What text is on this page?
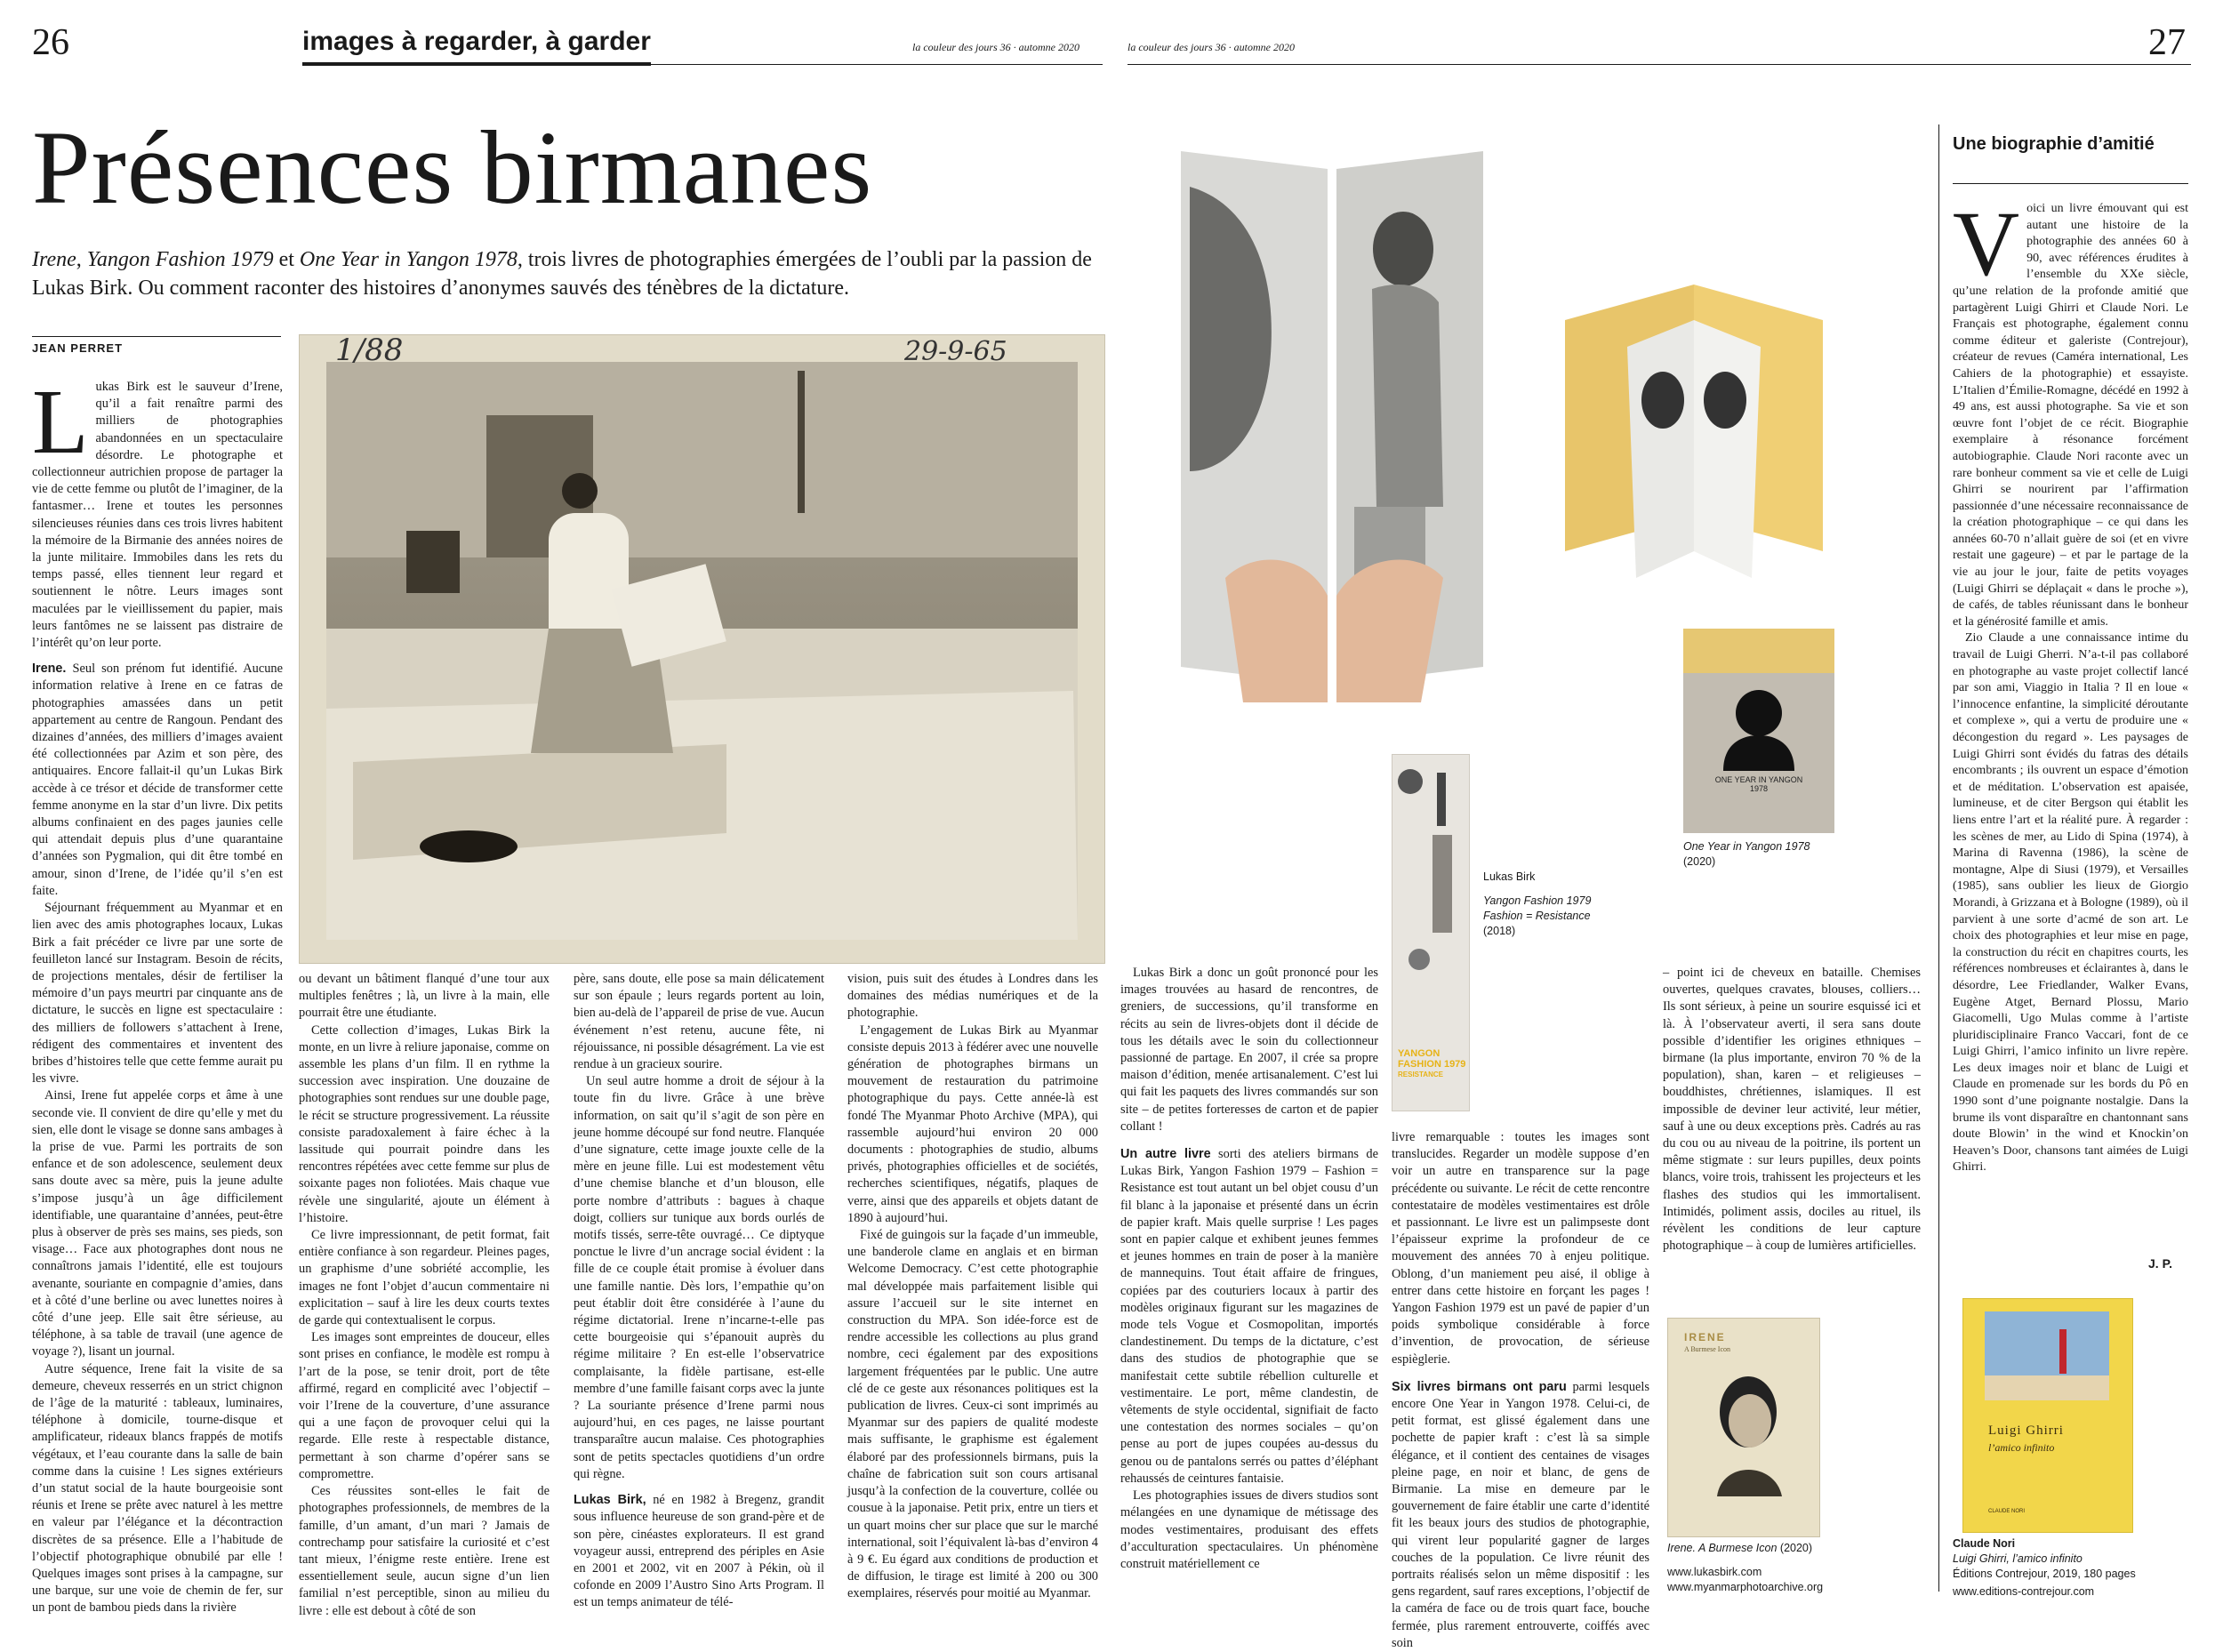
26	images à regarder, à garder	la couleur des jours 36 · automne 2020	la couleur des jours 36 · automne 2020	27
Présences birmanes
Irene, Yangon Fashion 1979 et One Year in Yangon 1978, trois livres de photographies émergées de l’oubli par la passion de Lukas Birk. Ou comment raconter des histoires d’anonymes sauvés des ténèbres de la dictature.
JEAN PERRET

Lukas Birk est le sauveur d’Irene, qu’il a fait renaître parmi des milliers de photographies abandonnées en un spectaculaire désordre. Le photographe et collectionneur autrichien propose de partager la vie de cette femme ou plutôt de l’imaginer, de la fantasmer… Irene et toutes les personnes silencieuses réunies dans ces trois livres habitent la mémoire de la Birmanie des années noires de la junte militaire. Immobiles dans les rets du temps passé, elles tiennent leur regard et soutiennent le nôtre. Leurs images sont maculées par le vieillissement du papier, mais leurs fantômes ne se laissent pas distraire de l’intérêt qu’on leur porte.

Irene. Seul son prénom fut identifié. Aucune information relative à Irene en ce fatras de photographies amassées dans un petit appartement au centre de Rangoun. Pendant des dizaines d’années, des milliers d’images avaient été collectionnées par Azim et son père, des antiquaires. Encore fallait-il qu’un Lukas Birk accède à ce trésor et décide de transformer cette femme anonyme en la star d’un livre. Dix petits albums confinaient en des pages jaunies celle qui attendait depuis plus d’une quarantaine d’années son Pygmalion, qui dit être tombé en amour, sinon d’Irene, de l’idée qu’il s’en est faite.

Séjournant fréquemment au Myanmar et en lien avec des amis photographes locaux, Lukas Birk a fait précéder ce livre par une sorte de feuilleton lancé sur Instagram. Besoin de récits, de projections mentales, désir de fertiliser la mémoire d’un pays meurtri par cinquante ans de dictature, le succès en ligne est spectaculaire : des milliers de followers s’attachent à Irene, rédigent des commentaires et inventent des bribes d’histoires telle que cette femme aurait pu les vivre.

Ainsi, Irene fut appelée corps et âme à une seconde vie. Il convient de dire qu’elle y met du sien, elle dont le visage se donne sans ambages à la prise de vue. Parmi les portraits de son enfance et de son adolescence, seulement deux sans doute avec sa mère, puis la jeune adulte s’impose jusqu’à un âge difficilement identifiable, une quarantaine d’années, peut-être plus à observer de près ses mains, ses pieds, son visage… Face aux photographes dont nous ne connaîtrons jamais l’identité, elle est toujours avenante, souriante en compagnie d’amies, dans et à côté d’une berline ou avec lunettes noires à côté d’une jeep. Elle sait être sérieuse, au téléphone, à sa table de travail (une agence de voyage ?), lisant un journal.

Autre séquence, Irene fait la visite de sa demeure, cheveux resserrés en un strict chignon de l’âge de la maturité : tableaux, luminaires, téléphone à domicile, tourne-disque et amplificateur, rideaux blancs frappés de motifs végétaux, et l’eau courante dans la salle de bain comme dans la cuisine ! Les signes extérieurs d’un statut social de la haute bourgeoisie sont réunis et Irene se prête avec naturel à les mettre en valeur par l’élégance et la décontraction discrètes de sa présence. Elle a l’habitude de l’objectif photographique obnubilé par elle ! Quelques images sont prises à la campagne, sur une barque, sur une voie de chemin de fer, sur un pont de bambou pieds dans la rivière

1/88	29-9-65

ou devant un bâtiment flanqué d’une tour aux multiples fenêtres ; là, un livre à la main, elle pourrait être une étudiante.

Cette collection d’images, Lukas Birk la monte, en un livre à reliure japonaise, comme on assemble les plans d’un film. Il en rythme la succession avec inspiration. Une douzaine de photographies sont rendues sur une double page, le récit se structure progressivement. La réussite consiste paradoxalement à faire échec à la lassitude qui pourrait poindre dans les rencontres répétées avec cette femme sur plus de soixante pages non foliotées. Mais chaque vue révèle une singularité, ajoute un élément à l’histoire.

Ce livre impressionnant, de petit format, fait entière confiance à son regardeur. Pleines pages, un graphisme d’une sobriété accomplie, les images ne font l’objet d’aucun commentaire ni explicitation – sauf à lire les deux courts textes de garde qui contextualisent le corpus.

Les images sont empreintes de douceur, elles sont prises en confiance, le modèle est rompu à l’art de la pose, se tenir droit, port de tête affirmé, regard en complicité avec l’objectif – voir l’Irene de la couverture, d’une assurance qui a une façon de provoquer celui qui la regarde. Elle reste à respectable distance, permettant à son charme d’opérer sans se compromettre.

Ces réussites sont-elles le fait de photographes professionnels, de membres de la famille, d’un amant, d’un mari ? Jamais de contrechamp pour satisfaire la curiosité et c’est tant mieux, l’énigme reste entière. Irene est essentiellement seule, aucun signe d’un lien familial n’est perceptible, sinon au milieu du livre : elle est debout à côté de son

père, sans doute, elle pose sa main délicatement sur son épaule ; leurs regards portent au loin, bien au-delà de l’appareil de prise de vue. Aucun événement n’est retenu, aucune fête, ni réjouissance, ni possible désagrément. La vie est rendue à un gracieux sourire.

Un seul autre homme a droit de séjour à la toute fin du livre. Grâce à une brève information, on sait qu’il s’agit de son père en jeune homme découpé sur fond neutre. Flanquée d’une signature, cette image jouxte celle de la mère en jeune fille. Lui est modestement vêtu d’une chemise blanche et d’un blouson, elle porte nombre d’attributs : bagues à chaque doigt, colliers sur tunique aux bords ourlés de motifs tissés, serre-tête ouvragé… Ce diptyque ponctue le livre d’un ancrage social évident : la fille de ce couple était promise à évoluer dans une famille nantie. Dès lors, l’empathie qu’on peut établir doit être considérée à l’aune du régime dictatorial. Irene n’incarne-t-elle pas cette bourgeoisie qui s’épanouit auprès du régime militaire ? En est-elle l’observatrice complaisante, la fidèle partisane, est-elle membre d’une famille faisant corps avec la junte ? La souriante présence d’Irene parmi nous aujourd’hui, en ces pages, ne laisse pourtant transparaître aucun malaise. Ces photographies sont de petits spectacles quotidiens d’un ordre qui règne.

Lukas Birk, né en 1982 à Bregenz, grandit sous influence heureuse de son grand-père et de son père, cinéastes explorateurs. Il est grand voyageur aussi, entreprend des périples en Asie en 2001 et 2002, vit en 2007 à Pékin, où il cofonde en 2009 l’Austro Sino Arts Program. Il est un temps animateur de télé-

vision, puis suit des études à Londres dans les domaines des médias numériques et de la photographie.

L’engagement de Lukas Birk au Myanmar consiste depuis 2013 à fédérer avec une nouvelle génération de photographes birmans un mouvement de restauration du patrimoine photographique du pays. Cette année-là est fondé The Myanmar Photo Archive (MPA), qui rassemble aujourd’hui environ 20 000 documents : photographies de studio, albums privés, photographies officielles et de sociétés, recherches scientifiques, négatifs, plaques de verre, ainsi que des appareils et objets datant de 1890 à aujourd’hui.

Fixé de guingois sur la façade d’un immeuble, une banderole clame en anglais et en birman Welcome Democracy. C’est cette photographie mal développée mais parfaitement lisible qui assure l’accueil sur le site internet en construction du MPA. Son idée-force est de rendre accessible les collections au plus grand nombre, ceci également par des expositions largement fréquentées par le public. Une autre clé de ce geste aux résonances politiques est la publication de livres. Ceux-ci sont imprimés au Myanmar sur des papiers de qualité modeste mais suffisante, le graphisme est également élaboré par des professionnels birmans, puis la chaîne de fabrication suit son cours artisanal jusqu’à la confection de la couverture, collée ou cousue à la japonaise. Petit prix, entre un tiers et un quart moins cher sur place que sur le marché international, soit l’équivalent là-bas d’environ 4 à 9 €. Eu égard aux conditions de production et de diffusion, le tirage est limité à 200 ou 300 exemplaires, réservés pour moitié au Myanmar.

ONE YEAR IN YANGON
1978
One Year in Yangon 1978
(2020)
YANGON
FASHION 1979
RESISTANCE
Lukas Birk
Yangon Fashion 1979
Fashion = Resistance
(2018)

Lukas Birk a donc un goût prononcé pour les images trouvées au hasard de rencontres, de greniers, de successions, qu’il transforme en récits au sein de livres-objets dont il décide de tous les détails avec le soin du collectionneur passionné de partage. En 2007, il crée sa propre maison d’édition, menée artisanalement. C’est lui qui fait les paquets des livres commandés sur son site – de petites forteresses de carton et de papier collant !

Un autre livre sorti des ateliers birmans de Lukas Birk, Yangon Fashion 1979 – Fashion = Resistance est tout autant un bel objet cousu d’un fil blanc à la japonaise et présenté dans un écrin de papier kraft. Mais quelle surprise ! Les pages sont en papier calque et exhibent jeunes femmes et jeunes hommes en train de poser à la manière de mannequins. Tout était affaire de fringues, copiées par des couturiers locaux à partir des modèles originaux figurant sur les magazines de mode tels Vogue et Cosmopolitan, importés clandestinement. Du temps de la dictature, c’est dans des studios de photographie que se manifestait cette subtile rébellion culturelle et vestimentaire. Le port, même clandestin, de vêtements de style occidental, signifiait de facto une contestation des normes sociales – qu’on pense au port de jupes coupées au-dessus du genou ou de pantalons serrés ou pattes d’éléphant rehaussés de ceintures fantaisie.

Les photographies issues de divers studios sont mélangées en une dynamique de métissage des modes vestimentaires, produisant des effets d’acculturation spectaculaires. Un phénomène construit matériellement ce

livre remarquable : toutes les images sont translucides. Regarder un modèle suppose d’en voir un autre en transparence sur la page précédente ou suivante. Le récit de cette rencontre contestataire de modèles vestimentaires est drôle et passionnant. Le livre est un palimpseste dont l’épaisseur exprime la profondeur de ce mouvement des années 70 à enjeu politique. Oblong, d’un maniement peu aisé, il oblige à entrer dans cette histoire en forçant les pages ! Yangon Fashion 1979 est un pavé de papier d’un poids symbolique considérable à force d’invention, de provocation, de sérieuse espièglerie.

Six livres birmans ont paru parmi lesquels encore One Year in Yangon 1978. Celui-ci, de petit format, est glissé également dans une pochette de papier kraft : c’est là sa simple élégance, et il contient des centaines de visages pleine page, en noir et blanc, de gens de Birmanie. La mise en demeure par le gouvernement de faire établir une carte d’identité fit les beaux jours des studios de photographie, qui virent leur popularité gagner de larges couches de la population. Ce livre réunit des portraits réalisés selon un même dispositif : les gens regardent, sauf rares exceptions, l’objectif de la caméra de face ou de trois quart face, bouche fermée, plus rarement entrouverte, coiffés avec soin

– point ici de cheveux en bataille. Chemises ouvertes, quelques cravates, blouses, colliers… Ils sont sérieux, à peine un sourire esquissé ici et là. À l’observateur averti, il sera sans doute possible d’identifier les origines ethniques – birmane (la plus importante, environ 70 % de la population), shan, karen – et religieuses – bouddhistes, chrétiennes, islamiques. Il est impossible de deviner leur activité, leur métier, sauf à une ou deux exceptions près. Cadrés au ras du cou ou au niveau de la poitrine, ils portent un même stigmate : sur leurs pupilles, deux points blancs, voire trois, trahissent les projecteurs et les flashes des studios qui les immortalisent. Intimidés, poliment assis, dociles au rituel, ils révèlent les conditions de leur capture photographique – à coup de lumières artificielles.

IRENE
A Burmese Icon
Irene. A Burmese Icon (2020)
www.lukasbirk.com
www.myanmarphotoarchive.org
Une biographie d’amitié

Voici un livre émouvant qui est autant une histoire de la photographie des années 60 à 90, avec références érudites à l’ensemble du XXe siècle, qu’une relation de la profonde amitié que partagèrent Luigi Ghirri et Claude Nori. Le Français est photographe, également connu comme éditeur et galeriste (Contrejour), créateur de revues (Caméra international, Les Cahiers de la photographie) et essayiste. L’Italien d’Émilie-Romagne, décédé en 1992 à 49 ans, est aussi photographe. Sa vie et son œuvre font l’objet de ce récit. Biographie exemplaire à résonance forcément autobiographie. Claude Nori raconte avec un rare bonheur comment sa vie et celle de Luigi Ghirri se nourirent par l’affirmation passionnée d’une nécessaire reconnaissance de la création photographique – ce qui dans les années 60-70 n’allait guère de soi (et en vivre restait une gageure) – et par le partage de la vie au jour le jour, faite de petits voyages (Luigi Ghirri se déplaçait « dans le proche »), de cafés, de tables réunissant dans le bonheur et la générosité famille et amis.

Zio Claude a une connaissance intime du travail de Luigi Gherri. N’a-t-il pas collaboré en photographe au vaste projet collectif lancé par son ami, Viaggio in Italia ? Il en loue « l’innocence enfantine, la simplicité déroutante et complexe », qui a vertu de produire une « décongestion du regard ». Les paysages de Luigi Ghirri sont évidés du fatras des détails encombrants ; ils ouvrent un espace d’émotion et de méditation. L’observation est apaisée, lumineuse, et de citer Bergson qui établit les liens entre l’art et la réalité pure. À regarder : les scènes de mer, au Lido di Spina (1974), à Marina di Ravenna (1986), la scène de montagne, Alpe di Siusi (1979), et Versailles (1985), sans oublier les lieux de Giorgio Morandi, à Grizzana et à Bologne (1989), où il parvient à une sorte d’acmé de son art. Le choix des photographies et leur mise en page, la construction du récit en chapitres courts, les références nombreuses et éclairantes à, dans le désordre, Lee Friedlander, Walker Evans, Eugène Atget, Bernard Plossu, Mario Giacomelli, Ugo Mulas comme à l’artiste pluridisciplinaire Franco Vaccari, font de ce Luigi Ghirri, l’amico infinito un livre repère. Les deux images noir et blanc de Luigi et Claude en promenade sur les bords du Pô en 1990 sont d’une poignante nostalgie. Dans la brume ils vont disparaître en chantonnant sans doute Blowin’ in the wind et Knockin’on Heaven’s Door, chansons tant aimées de Luigi Ghirri.

J. P.
Luigi Ghirri
l’amico infinito
CLAUDE NORI
Claude Nori
Luigi Ghirri, l’amico infinito
Éditions Contrejour, 2019, 180 pages
www.editions-contrejour.com
